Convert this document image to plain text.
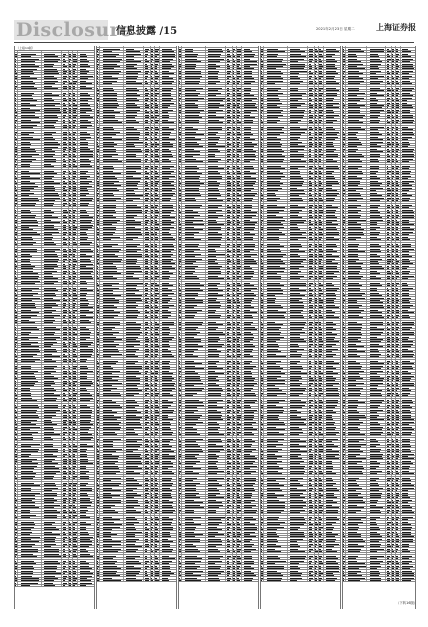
Disclosure
信息披露 /15	2021年2月23日 星期二	上海证券报
（上接14版）
（下转16版）
